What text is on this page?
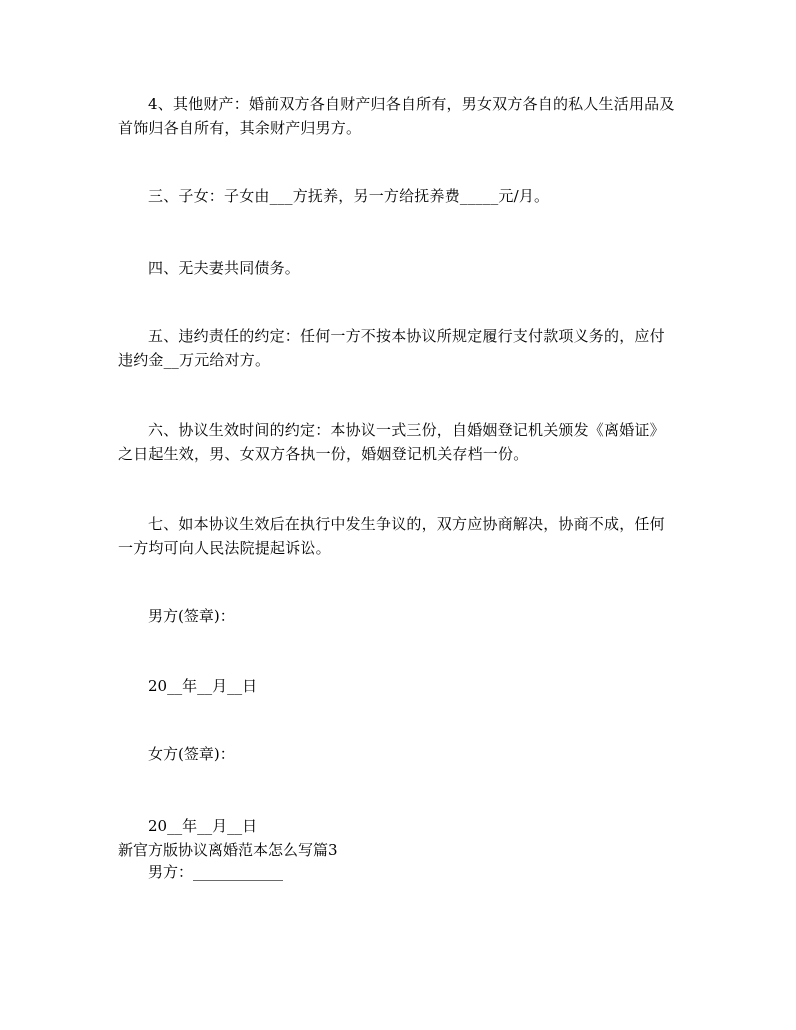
4、其他财产：婚前双方各自财产归各自所有，男女双方各自的私人生活用品及首饰归各自所有，其余财产归男方。

三、子女：子女由___方抚养，另一方给抚养费_____元/月。

四、无夫妻共同债务。

五、违约责任的约定：任何一方不按本协议所规定履行支付款项义务的，应付违约金__万元给对方。

六、协议生效时间的约定：本协议一式三份，自婚姻登记机关颁发《离婚证》之日起生效，男、女双方各执一份，婚姻登记机关存档一份。

七、如本协议生效后在执行中发生争议的，双方应协商解决，协商不成，任何一方均可向人民法院提起诉讼。

男方(签章)：

20__年__月__日

女方(签章)：

20__年__月__日

新官方版协议离婚范本怎么写篇3

男方：____________
